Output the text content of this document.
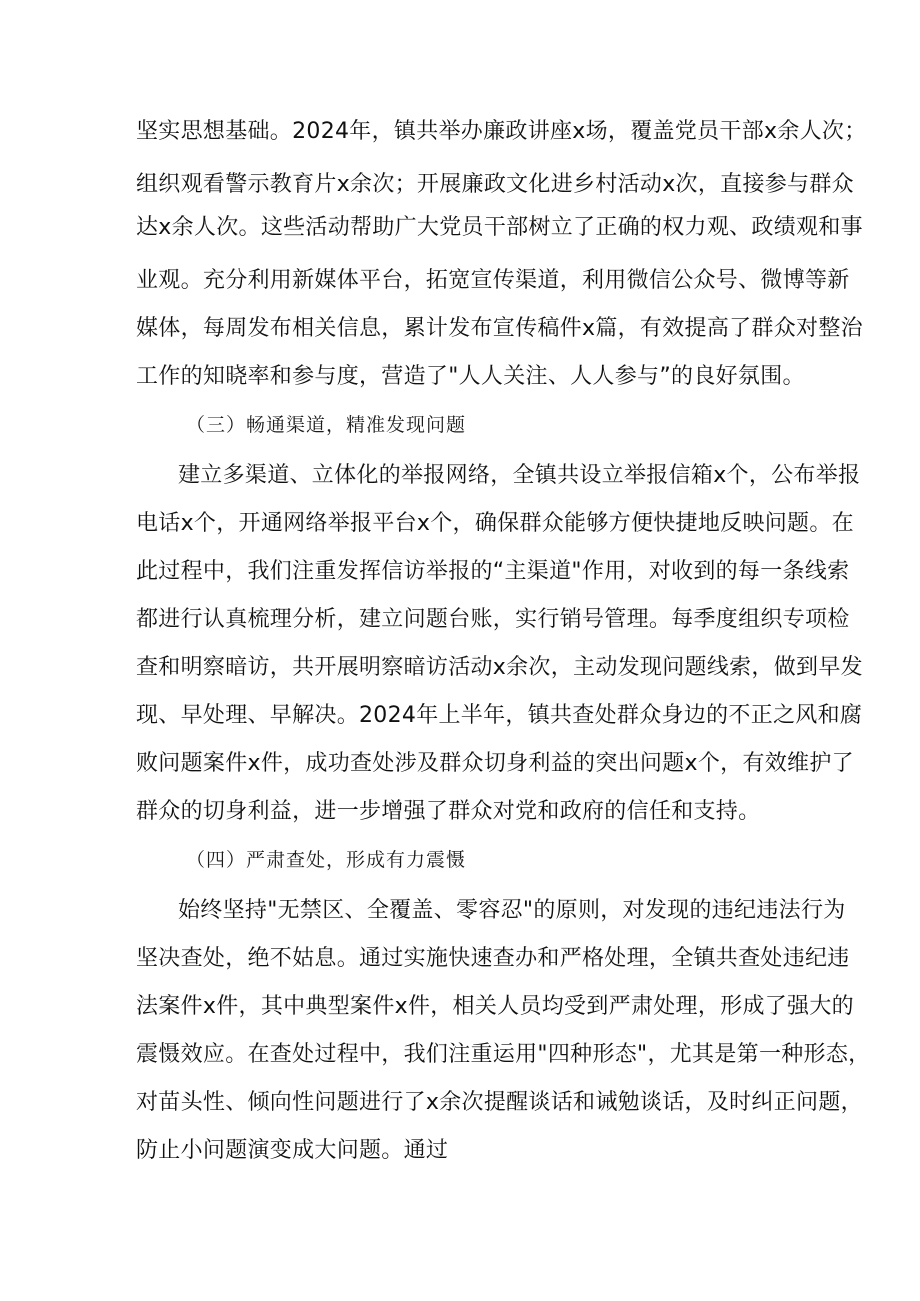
坚实思想基础。2024年，镇共举办廉政讲座x场，覆盖党员干部x余人次；

组织观看警示教育片x余次；开展廉政文化进乡村活动x次，直接参与群众

达x余人次。这些活动帮助广大党员干部树立了正确的权力观、政绩观和事

业观。充分利用新媒体平台，拓宽宣传渠道，利用微信公众号、微博等新

媒体，每周发布相关信息，累计发布宣传稿件x篇，有效提高了群众对整治

工作的知晓率和参与度，营造了"人人关注、人人参与”的良好氛围。

（三）畅通渠道，精准发现问题

建立多渠道、立体化的举报网络，全镇共设立举报信箱x个，公布举报

电话x个，开通网络举报平台x个，确保群众能够方便快捷地反映问题。在

此过程中，我们注重发挥信访举报的“主渠道"作用，对收到的每一条线索

都进行认真梳理分析，建立问题台账，实行销号管理。每季度组织专项检

查和明察暗访，共开展明察暗访活动x余次，主动发现问题线索，做到早发

现、早处理、早解决。2024年上半年，镇共查处群众身边的不正之风和腐

败问题案件x件，成功查处涉及群众切身利益的突出问题x个，有效维护了

群众的切身利益，进一步增强了群众对党和政府的信任和支持。

（四）严肃查处，形成有力震慑

始终坚持"无禁区、全覆盖、零容忍"的原则，对发现的违纪违法行为

坚决查处，绝不姑息。通过实施快速查办和严格处理，全镇共查处违纪违

法案件x件，其中典型案件x件，相关人员均受到严肃处理，形成了强大的

震慑效应。在查处过程中，我们注重运用"四种形态"，尤其是第一种形态，

对苗头性、倾向性问题进行了x余次提醒谈话和诫勉谈话，及时纠正问题，

防止小问题演变成大问题。通过
